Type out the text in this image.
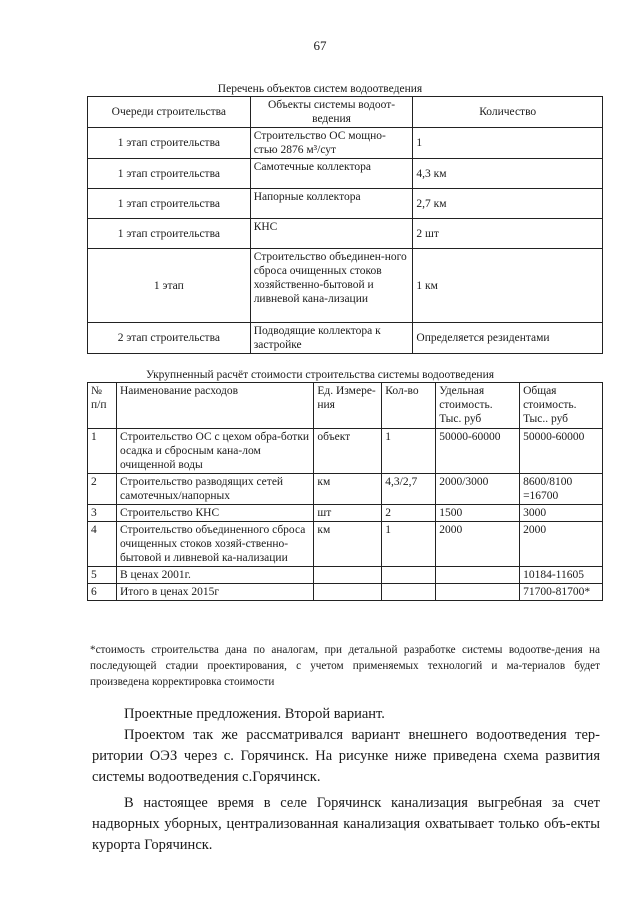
67
Перечень объектов систем водоотведения
Очереди строительства	Объекты системы водоот-ведения	Количество
1 этап строительства	Строительство ОС мощно-стью 2876 м³/сут	1
1 этап строительства	Самотечные коллектора	4,3 км
1 этап строительства	Напорные коллектора	2,7 км
1 этап строительства	КНС	2 шт
1 этап	Строительство объединен-ного сброса очищенных стоков хозяйственно-бытовой и ливневой кана-лизации	1 км
2 этап строительства	Подводящие коллектора к застройке	Определяется резидентами
Укрупненный расчёт стоимости строительства системы водоотведения
№ п/п	Наименование расходов	Ед. Измере-ния	Кол-во	Удельная стоимость. Тыс. руб	Общая стоимость. Тыс.. руб
1	Строительство ОС с цехом обра-ботки осадка и сбросным кана-лом очищенной воды	объект	1	50000-60000	50000-60000
2	Строительство разводящих сетей самотечных/напорных	км	4,3/2,7	2000/3000	8600/8100 =16700
3	Строительство КНС	шт	2	1500	3000
4	Строительство объединенного сброса очищенных стоков хозяй-ственно-бытовой и ливневой ка-нализации	км	1	2000	2000
5	В ценах 2001г.				10184-11605
6	Итого в ценах 2015г				71700-81700*
*стоимость строительства дана по аналогам, при детальной разработке системы водоотве-дения на последующей стадии проектирования, с учетом применяемых технологий и ма-териалов будет произведена корректировка стоимости

Проектные предложения. Второй вариант.

Проектом так же рассматривался вариант внешнего водоотведения тер-ритории ОЭЗ через с. Горячинск. На рисунке ниже приведена схема развития системы водоотведения с.Горячинск.

В настоящее время в селе Горячинск канализация выгребная за счет надворных уборных, централизованная канализация охватывает только объ-екты курорта Горячинск.
